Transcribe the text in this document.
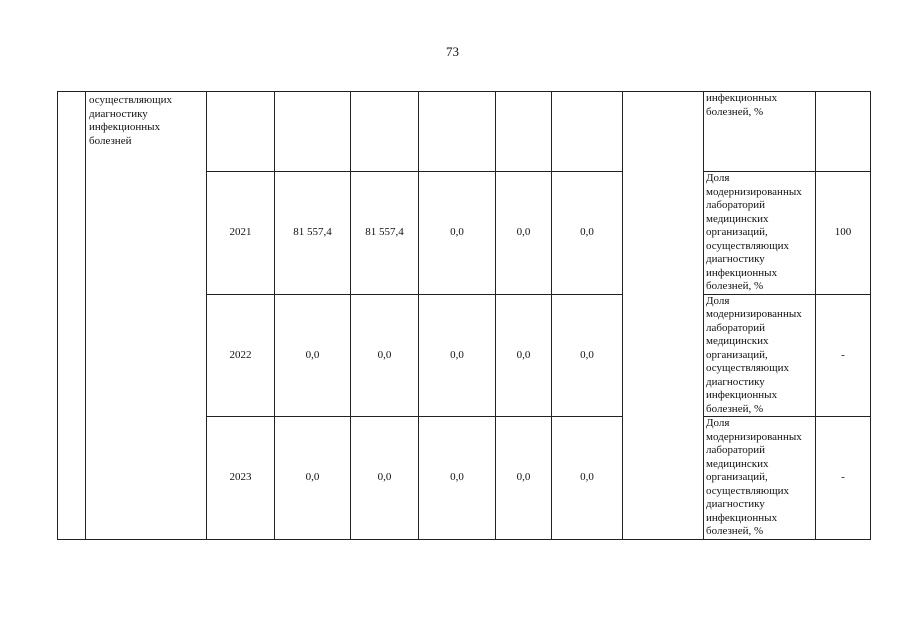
73
	осуществляющих диагностику инфекционных болезней								инфекционных болезней, %	
		2021	81 557,4	81 557,4	0,0	0,0	0,0		Доля модернизированных лабораторий медицинских организаций, осуществляющих диагностику инфекционных болезней, %	100
		2022	0,0	0,0	0,0	0,0	0,0		Доля модернизированных лабораторий медицинских организаций, осуществляющих диагностику инфекционных болезней, %	-
		2023	0,0	0,0	0,0	0,0	0,0		Доля модернизированных лабораторий медицинских организаций, осуществляющих диагностику инфекционных болезней, %	-
